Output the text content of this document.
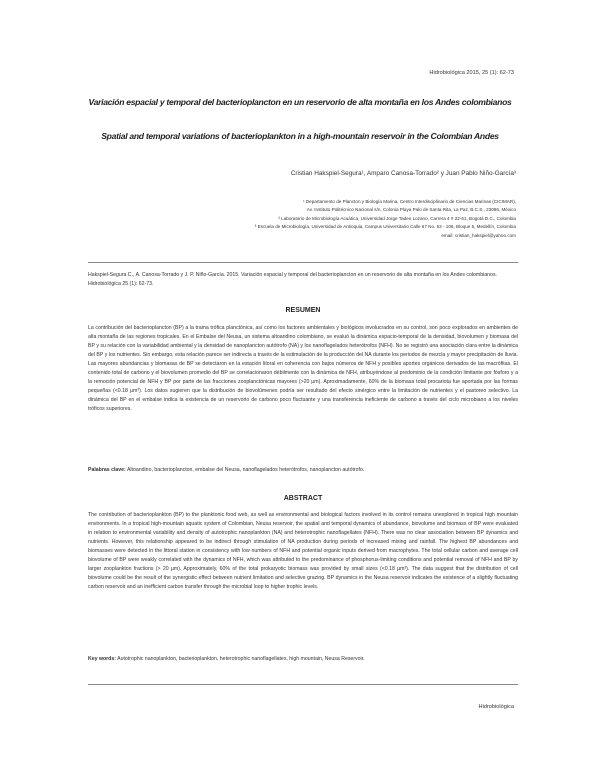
Hidrobiológica 2015, 25 (1): 62-73
Variación espacial y temporal del bacterioplancton en un reservorio de alta montaña en los Andes colombianos
Spatial and temporal variations of bacterioplankton in a high-mountain reservoir in the Colombian Andes
Cristian Hakspiel-Segura¹, Amparo Canosa-Torrado² y Juan Pablo Niño-García³
¹ Departamento de Plancton y Biología Marina, Centro Interdisciplinario de Ciencias Marinas (CICIMAR),
Av. Instituto Politécnico Nacional s/n, Colonia Playa Palo de Santa Rita, La Paz, B.C.S., 23096, México
² Laboratorio de Microbiología Acuática, Universidad Jorge Tadeo Lozano, Carrera 4 # 22-61, Bogotá D.C., Colombia
³ Escuela de Microbiología, Universidad de Antioquia, Campus Universitario Calle 67 No. 53 - 108, Bloque 5, Medellín, Colombia
email: cristian_hakspiel@yahoo.com
Hakspiel-Segura C., A. Canosa-Torrado y J. P. Niño-García. 2015. Variación espacial y temporal del bacterioplancton en un reservorio de alta montaña en los Andes colombianos. Hidrobiológica 25 (1): 62-73.
RESUMEN
La contribución del bacterioplancton (BP) a la trama trófica planctónica, así como los factores ambientales y biológicos involucrados en su control, son poco explorados en ambientes de alta montaña de las regiones tropicales. En el Embalse del Neusa, un sistema altoandino colombiano, se evaluó la dinámica espacio-temporal de la densidad, biovolumen y biomasa del BP y su relación con la variabilidad ambiental y la densidad de nanoplancton autótrofo (NA) y los nanoflagelados heterótrofos (NFH). No se registró una asociación clara entre la dinámica del BP y los nutrientes. Sin embargo, esta relación parece ser indirecta a través de la estimulación de la producción del NA durante los periodos de mezcla y mayor precipitación de lluvia. Las mayores abundancias y biomasas de BP se detectaron en la estación litoral en coherencia con bajos números de NFH y posibles aportes orgánicos derivados de las macrófitas. El contenido total de carbono y el biovolumen promedio del BP se correlacionaron débilmente con la dinámica de NFH, atribuyéndose al predominio de la condición limitante por fósforo y a la remoción potencial de NFH y BP por parte de las fracciones zooplanctónicas mayores (>20 µm). Aproximadamente, 60% de la biomasa total procariota fue aportada por las formas pequeñas (<0.18 µm³). Los datos sugieren que la distribución de biovolúmenes podría ser resultado del efecto sinérgico entre la limitación de nutrientes y el pastoreo selectivo. La dinámica del BP en el embalse indica la existencia de un reservorio de carbono poco fluctuante y una transferencia ineficiente de carbono a través del ciclo microbiano a los niveles tróficos superiores.
Palabras clave: Altoandino, bacterioplancton, embalse del Neusa, nanoflagelados heterótrofos, nanoplancton autótrofo.
ABSTRACT
The contribution of bacterioplankton (BP) to the planktonic food web, as well as environmental and biological factors involved in its control remains unexplored in tropical high mountain environments. In a tropical high-mountain aquatic system of Colombian, Neusa reservoir, the spatial and temporal dynamics of abundance, biovolume and biomass of BP were evaluated in relation to environmental variability and density of autotrophic nanoplankton (NA) and heterotrophic nanoflagellates (NFH). There was no clear association between BP dynamics and nutrients. However, this relationship appeared to be indirect through stimulation of NA production during periods of increased mixing and rainfall. The highest BP abundances and biomasses were detected in the littoral station in consistency with low numbers of NFH and potential organic inputs derived from macrophytes. The total cellular carbon and average cell biovolume of BP were weakly correlated with the dynamics of NFH, which was attributed to the predominance of phosphorus-limiting conditions and potential removal of NFH and BP by larger zooplankton fractions (> 20 µm). Approximately, 60% of the total prokaryotic biomass was provided by small sizes (<0.18 µm³). The data suggest that the distribution of cell biovolume could be the result of the synergistic effect between nutrient limitation and selective grazing. BP dynamics in the Neusa reservoir indicates the existence of a slightly fluctuating carbon reservoir and an inefficient carbon transfer through the microbial loop to higher trophic levels.
Key words: Autotrophic nanoplankton, bacterioplankton, heterotrophic nanoflagellates, high mountain, Neusa Reservoir.
Hidrobiológica
